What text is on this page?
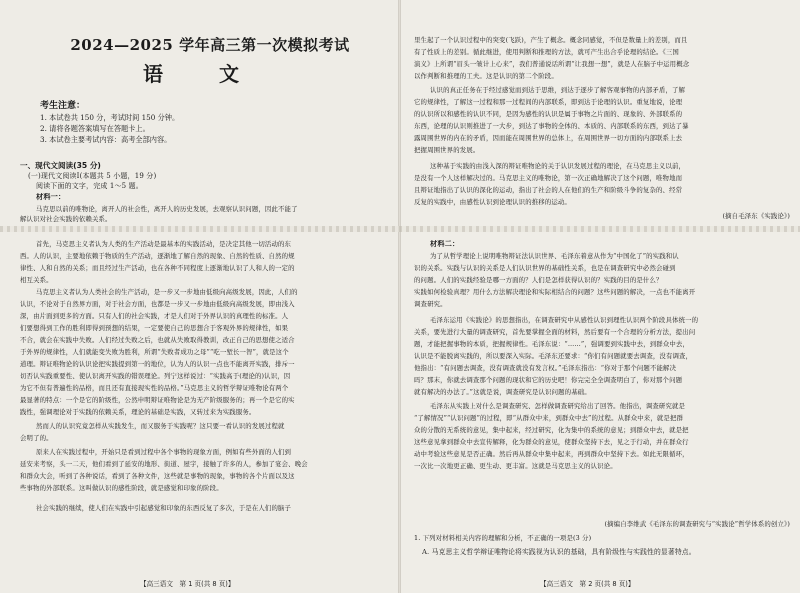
2024—2025 学年高三第一次模拟考试
语　文
考生注意：
1. 本试卷共 150 分，考试时间 150 分钟。
2. 请将各题答案填写在答题卡上。
3. 本试卷主要考试内容：高考全部内容。
一、现代文阅读(35 分)
(一)现代文阅读Ⅰ(本题共 5 小题，19 分)
阅读下面的文字，完成 1～5 题。
材料一：
马克思以前的唯物论，离开人的社会性，离开人的历史发展，去观察认识问题，因此不能了
解认识对社会实践的依赖关系。
首先，马克思主义者认为人类的生产活动是最基本的实践活动，是决定其他一切活动的东
西。人的认识，主要地依赖于物质的生产活动，逐渐地了解自然的现象、自然的性质、自然的规
律性、人和自然的关系；而且经过生产活动，也在各种不同程度上逐渐地认识了人和人的一定的
相互关系。
马克思主义者认为人类社会的生产活动，是一步又一步地由低级向高级发展，因此，人们的
认识，不论对于自然界方面，对于社会方面，也都是一步又一步地由低级向高级发展，即由浅入
深，由片面到更多的方面。只有人们的社会实践，才是人们对于外界认识的真理性的标准。人
们要想得到工作的胜利即得到预想的结果，一定要使自己的思想合于客观外界的规律性，如果
不合，就会在实践中失败。人们经过失败之后，也就从失败取得教训，改正自己的思想使之适合
于外界的规律性，人们就能变失败为胜利，所谓“失败者成功之母”“吃一堑长一智”，就是这个
道理。辩证唯物论的认识论把实践提到第一的地位，认为人的认识一点也不能离开实践，排斥一
切否认实践重要性、使认识离开实践的错误理论。列宁这样说过：“实践高于(理论的)认识，因
为它不但有普遍性的品格，而且还有直接现实性的品格。”马克思主义的哲学辩证唯物论有两个
最显著的特点：一个是它的阶级性，公然申明辩证唯物论是为无产阶级服务的；再一个是它的实
践性，强调理论对于实践的依赖关系，理论的基础是实践，又转过来为实践服务。
然而人的认识究竟怎样从实践发生，而又服务于实践呢？这只要一看认识的发展过程就
会明了的。
原来人在实践过程中，开始只是看到过程中各个事物的现象方面，例如有些外面的人们到
延安来考察，头一二天，他们看到了延安的地形、街道、屋宇，接触了许多的人，参加了宴会、晚会
和群众大会，听到了各种说话，看到了各种文件，这些就是事物的现象，事物的各个片面以及这
些事物的外部联系。这叫做认识的感性阶段，就是感觉和印象的阶段。
社会实践的继续，使人们在实践中引起感觉和印象的东西反复了多次，于是在人们的脑子
【高三语文　第 1 页(共 8 页)】
里生起了一个认识过程中的突变(飞跃)，产生了概念。概念同感觉，不但是数量上的差别，而且
有了性质上的差别。循此继进，使用判断和推理的方法，就可产生出合乎论理的结论。《三国
演义》上所谓“眉头一皱计上心来”，我们普通说话所谓“让我想一想”，就是人在脑子中运用概念
以作判断和推理的工夫。这是认识的第二个阶段。
认识的真正任务在于经过感觉而到达于思维，到达于逐步了解客观事物的内部矛盾，了解
它的规律性，了解这一过程和那一过程间的内部联系，即到达于论理的认识。重复地说，论理
的认识所以和感性的认识不同，是因为感性的认识是属于事物之片面的、现象的、外部联系的
东西，论理的认识则推进了一大步，到达了事物的全体的、本质的、内部联系的东西，到达了暴
露周围世界的内在的矛盾，因而能在周围世界的总体上，在周围世界一切方面的内部联系上去
把握周围世界的发展。
这种基于实践的由浅入深的辩证唯物论的关于认识发展过程的理论，在马克思主义以前，
是没有一个人这样解决过的。马克思主义的唯物论，第一次正确地解决了这个问题，唯物地而
且辩证地指出了认识的深化的运动，指出了社会的人在他们的生产和阶级斗争的复杂的、经常
反复的实践中，由感性认识到论理认识的推移的运动。
(摘自毛泽东《实践论》)
材料二：
为了从哲学理论上说明唯物辩证法认识世界、毛泽东着意从作为“中国化了”的实践和认
识的关系。实践与认识的关系是人们认识世界的基础性关系，也是在调查研究中必然会碰到
的问题。人们的实践经验是哪一方面的？人们是怎样获得认识的？实践的目的是什么？
实践如何检验真理？用什么方法解决理论和实际相结合的问题？这些问题的解决，一点也不能离开
调查研究。
毛泽东运用《实践论》的思想指出，在调查研究中从感性认识到理性认识两个阶段具体统一的
关系，要先进行大量的调查研究，首先要掌握全面的材料，然后要有一个合理的分析方法，提出问
题，才能把握事物的本质，把握规律性。毛泽东说：“……”，强调要到实践中去，到群众中去，
认识是不能脱离实践的，所以要深入实际。毛泽东还要求：“你们有问题就要去调查，没有调查，
他指出：“有问题去调查，没有调查就没有发言权。”毛泽东指出：“你对于那个问题不能解决
吗？那末，你就去调查那个问题的现状和它的历史吧！你完完全全调查明白了，你对那个问题
就有解决的办法了。”这就是说，调查研究是认识问题的基础。
毛泽东从实践上对什么是调查研究、怎样做调查研究给出了回答。他指出，调查研究就是
“了解情况”“认识问题”的过程，即“从群众中来，到群众中去”的过程。从群众中来，就是把群
众的分散的无系统的意见，集中起来，经过研究，化为集中的系统的意见；到群众中去，就是把
这些意见拿到群众中去宣传解释，化为群众的意见，使群众坚持下去，见之于行动，并在群众行
动中考验这些意见是否正确。然后再从群众中集中起来，再到群众中坚持下去。如此无限循环，
一次比一次地更正确、更生动、更丰富。这就是马克思主义的认识论。
(摘编自李维武《毛泽东的调查研究与“实践论”哲学体系的创立》)
1. 下列对材料相关内容的理解和分析，不正确的一项是(3 分)
A. 马克思主义哲学辩证唯物论将实践视为认识的基础，具有阶级性与实践性的显著特点。
【高三语文　第 2 页(共 8 页)】
